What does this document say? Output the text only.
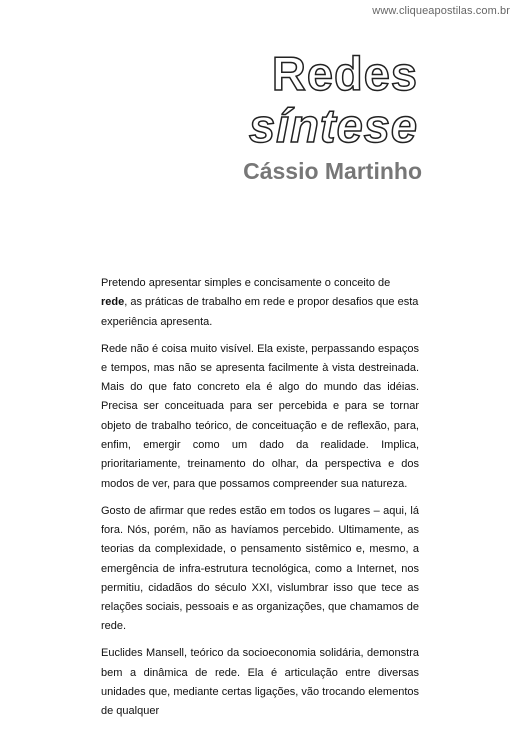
www.cliqueapostilas.com.br
Redes
síntese
Cássio Martinho

Pretendo apresentar simples e concisamente o conceito de rede, as práticas de trabalho em rede e propor desafios que esta experiência apresenta.

Rede não é coisa muito visível. Ela existe, perpassando espaços e tempos, mas não se apresenta facilmente à vista destreinada. Mais do que fato concreto ela é algo do mundo das idéias. Precisa ser conceituada para ser percebida e para se tornar objeto de trabalho teórico, de conceituação e de reflexão, para, enfim, emergir como um dado da realidade. Implica, prioritariamente, treinamento do olhar, da perspectiva e dos modos de ver, para que possamos compreender sua natureza.

Gosto de afirmar que redes estão em todos os lugares – aqui, lá fora. Nós, porém, não as havíamos percebido. Ultimamente, as teorias da complexidade, o pensamento sistêmico e, mesmo, a emergência de infra-estrutura tecnológica, como a Internet, nos permitiu, cidadãos do século XXI, vislumbrar isso que tece as relações sociais, pessoais e as organizações, que chamamos de rede.

Euclides Mansell, teórico da socioeconomia solidária, demonstra bem a dinâmica de rede. Ela é articulação entre diversas unidades que, mediante certas ligações, vão trocando elementos de qualquer
